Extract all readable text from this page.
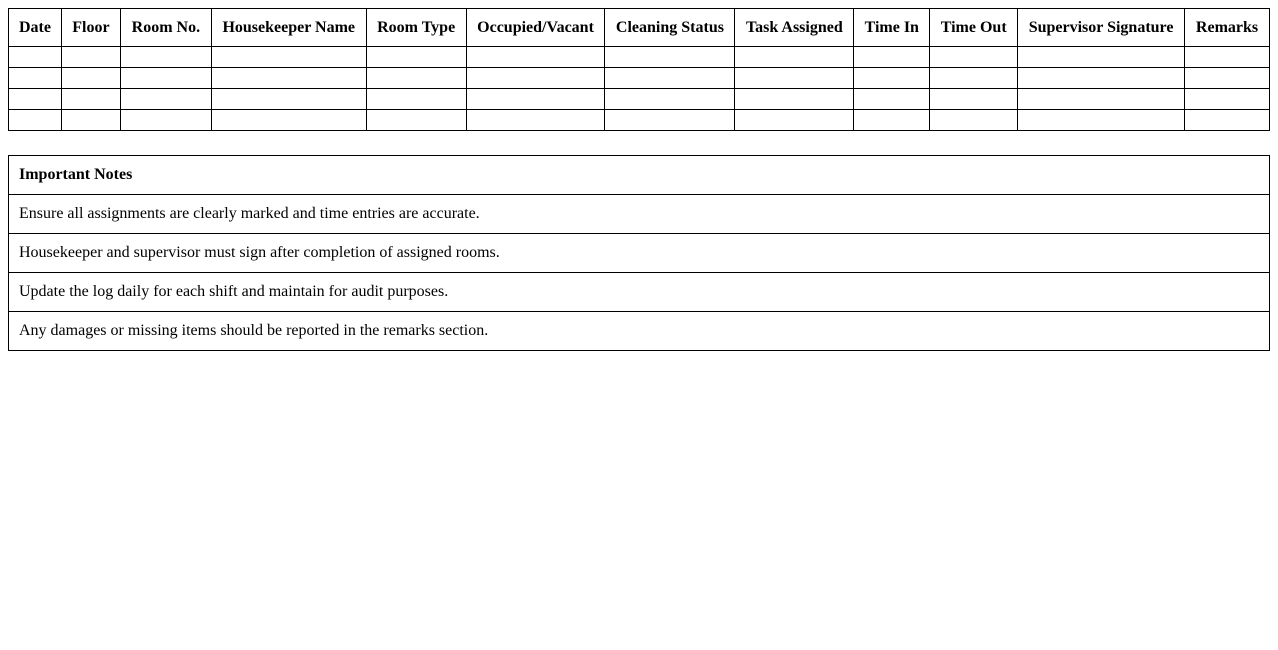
Date	Floor	Room No.	Housekeeper Name	Room Type	Occupied/Vacant	Cleaning Status	Task Assigned	Time In	Time Out	Supervisor Signature	Remarks

Important Notes
Ensure all assignments are clearly marked and time entries are accurate.
Housekeeper and supervisor must sign after completion of assigned rooms.
Update the log daily for each shift and maintain for audit purposes.
Any damages or missing items should be reported in the remarks section.
